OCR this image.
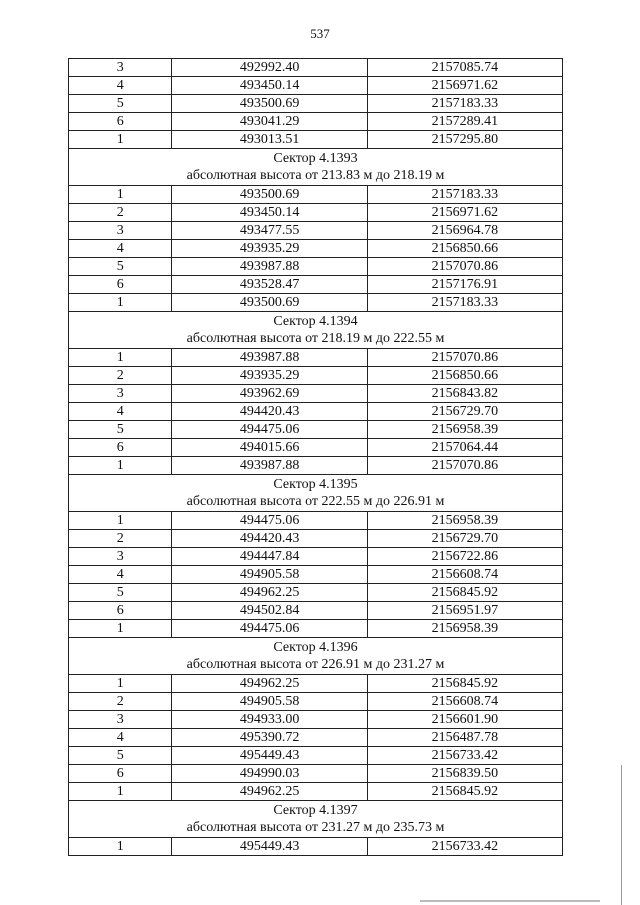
537
3	492992.40	2157085.74
4	493450.14	2156971.62
5	493500.69	2157183.33
6	493041.29	2157289.41
1	493013.51	2157295.80

Сектор 4.1393
абсолютная высота от 213.83 м до 218.19 м		

1	493500.69	2157183.33
2	493450.14	2156971.62
3	493477.55	2156964.78
4	493935.29	2156850.66
5	493987.88	2157070.86
6	493528.47	2157176.91
1	493500.69	2157183.33

Сектор 4.1394
абсолютная высота от 218.19 м до 222.55 м		

1	493987.88	2157070.86
2	493935.29	2156850.66
3	493962.69	2156843.82
4	494420.43	2156729.70
5	494475.06	2156958.39
6	494015.66	2157064.44
1	493987.88	2157070.86

Сектор 4.1395
абсолютная высота от 222.55 м до 226.91 м		

1	494475.06	2156958.39
2	494420.43	2156729.70
3	494447.84	2156722.86
4	494905.58	2156608.74
5	494962.25	2156845.92
6	494502.84	2156951.97
1	494475.06	2156958.39

Сектор 4.1396
абсолютная высота от 226.91 м до 231.27 м		

1	494962.25	2156845.92
2	494905.58	2156608.74
3	494933.00	2156601.90
4	495390.72	2156487.78
5	495449.43	2156733.42
6	494990.03	2156839.50
1	494962.25	2156845.92

Сектор 4.1397
абсолютная высота от 231.27 м до 235.73 м		

1	495449.43	2156733.42
